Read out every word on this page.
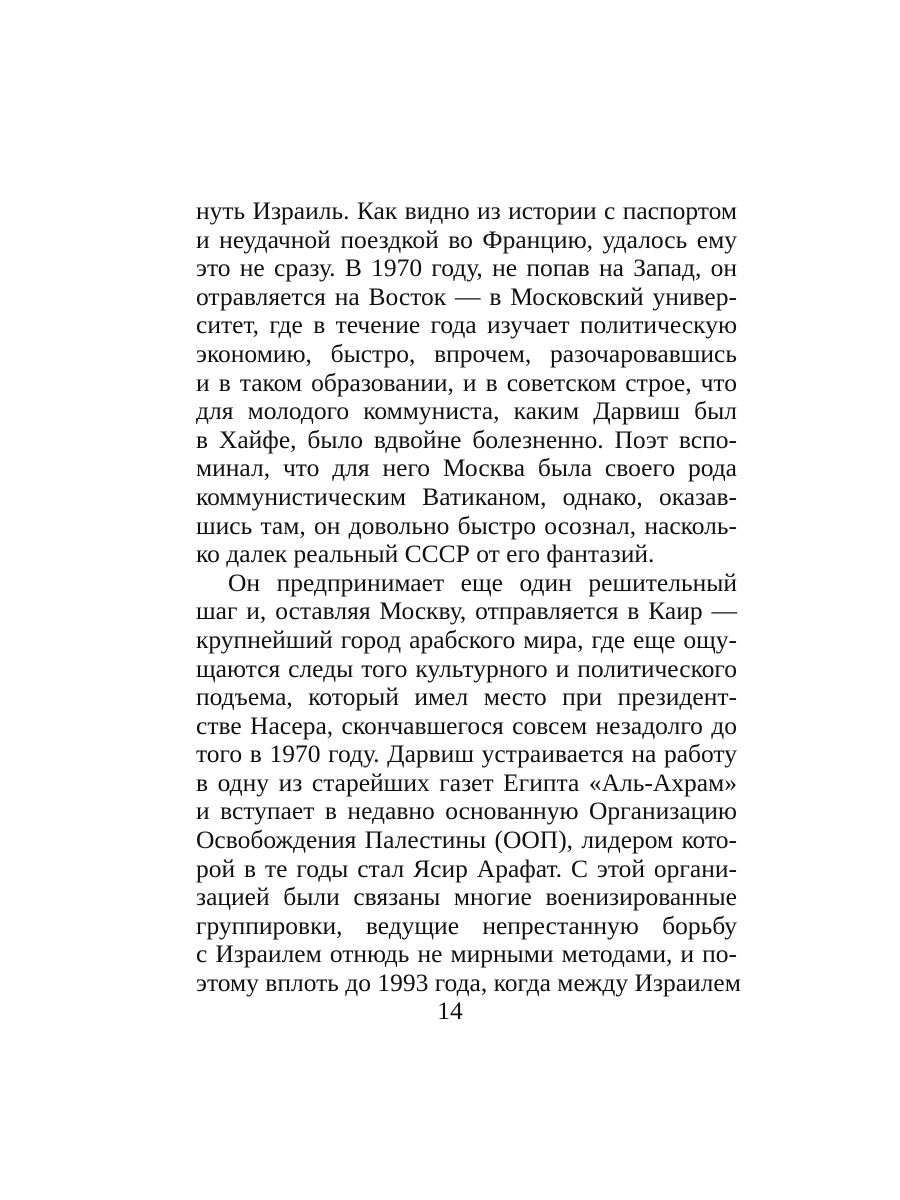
нуть Израиль. Как видно из истории с паспортом
и неудачной поездкой во Францию, удалось ему
это не сразу. В 1970 году, не попав на Запад, он
отравляется на Восток — в Московский универ-
ситет, где в течение года изучает политическую
экономию, быстро, впрочем, разочаровавшись
и в таком образовании, и в советском строе, что
для молодого коммуниста, каким Дарвиш был
в Хайфе, было вдвойне болезненно. Поэт вспо-
минал, что для него Москва была своего рода
коммунистическим Ватиканом, однако, оказав-
шись там, он довольно быстро осознал, насколь-
ко далек реальный СССР от его фантазий.
Он предпринимает еще один решительный
шаг и, оставляя Москву, отправляется в Каир —
крупнейший город арабского мира, где еще ощу-
щаются следы того культурного и политического
подъема, который имел место при президент-
стве Насера, скончавшегося совсем незадолго до
того в 1970 году. Дарвиш устраивается на работу
в одну из старейших газет Египта «Аль-Ахрам»
и вступает в недавно основанную Организацию
Освобождения Палестины (ООП), лидером кото-
рой в те годы стал Ясир Арафат. С этой органи-
зацией были связаны многие военизированные
группировки, ведущие непрестанную борьбу
с Израилем отнюдь не мирными методами, и по-
этому вплоть до 1993 года, когда между Израилем
14
